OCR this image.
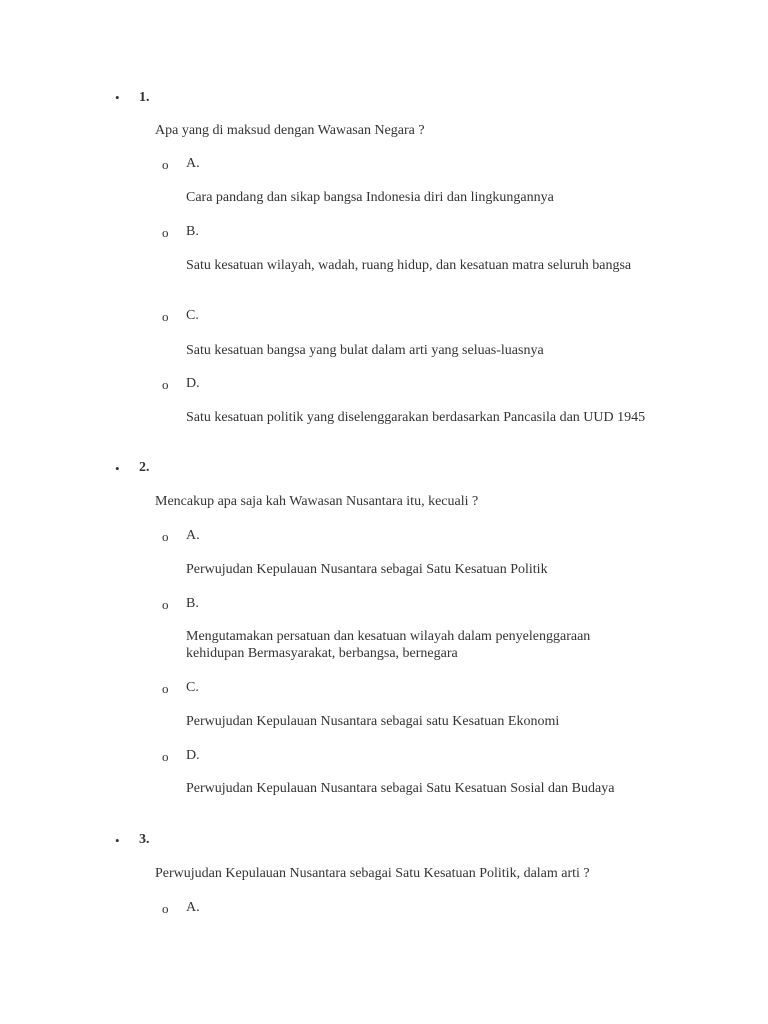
• 1.
Apa yang di maksud dengan Wawasan Negara ?
o A.
Cara pandang dan sikap bangsa Indonesia diri dan lingkungannya
o B.
Satu kesatuan wilayah, wadah, ruang hidup, dan kesatuan matra seluruh bangsa
o C.
Satu kesatuan bangsa yang bulat dalam arti yang seluas-luasnya
o D.
Satu kesatuan politik yang diselenggarakan berdasarkan Pancasila dan UUD 1945
• 2.
Mencakup apa saja kah Wawasan Nusantara itu, kecuali ?
o A.
Perwujudan Kepulauan Nusantara sebagai Satu Kesatuan Politik
o B.
Mengutamakan persatuan dan kesatuan wilayah dalam penyelenggaraan kehidupan Bermasyarakat, berbangsa, bernegara
o C.
Perwujudan Kepulauan Nusantara sebagai satu Kesatuan Ekonomi
o D.
Perwujudan Kepulauan Nusantara sebagai Satu Kesatuan Sosial dan Budaya
• 3.
Perwujudan Kepulauan Nusantara sebagai Satu Kesatuan Politik, dalam arti ?
o A.
